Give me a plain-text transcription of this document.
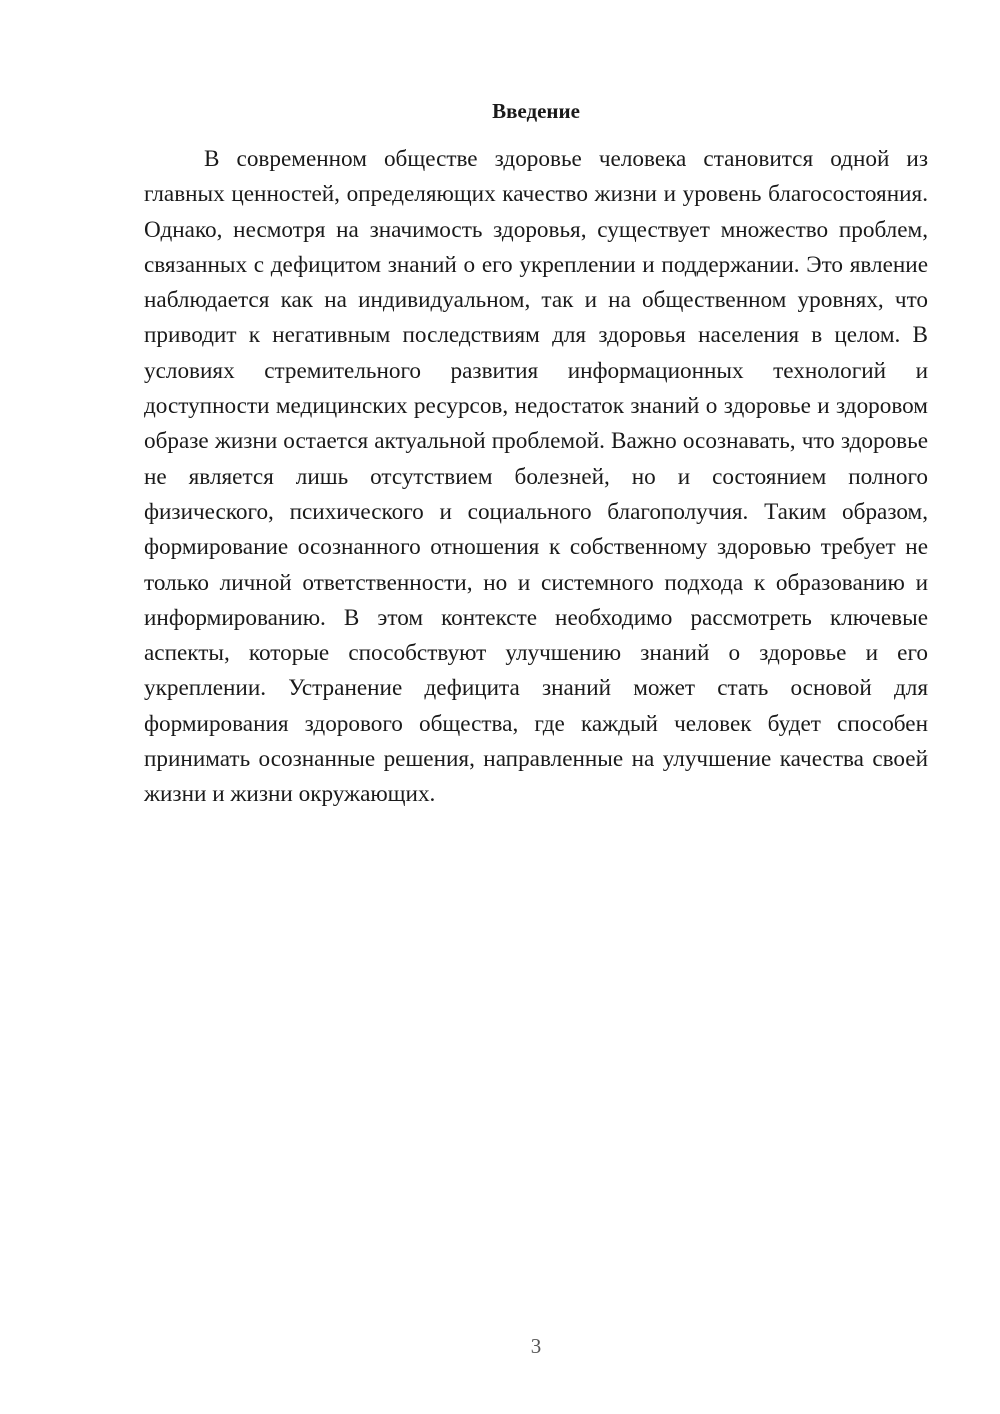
Введение

В современном обществе здоровье человека становится одной из главных ценностей, определяющих качество жизни и уровень благосостояния. Однако, несмотря на значимость здоровья, существует множество проблем, связанных с дефицитом знаний о его укреплении и поддержании. Это явление наблюдается как на индивидуальном, так и на общественном уровнях, что приводит к негативным последствиям для здоровья населения в целом. В условиях стремительного развития информационных технологий и доступности медицинских ресурсов, недостаток знаний о здоровье и здоровом образе жизни остается актуальной проблемой. Важно осознавать, что здоровье не является лишь отсутствием болезней, но и состоянием полного физического, психического и социального благополучия. Таким образом, формирование осознанного отношения к собственному здоровью требует не только личной ответственности, но и системного подхода к образованию и информированию. В этом контексте необходимо рассмотреть ключевые аспекты, которые способствуют улучшению знаний о здоровье и его укреплении. Устранение дефицита знаний может стать основой для формирования здорового общества, где каждый человек будет способен принимать осознанные решения, направленные на улучшение качества своей жизни и жизни окружающих.

3
